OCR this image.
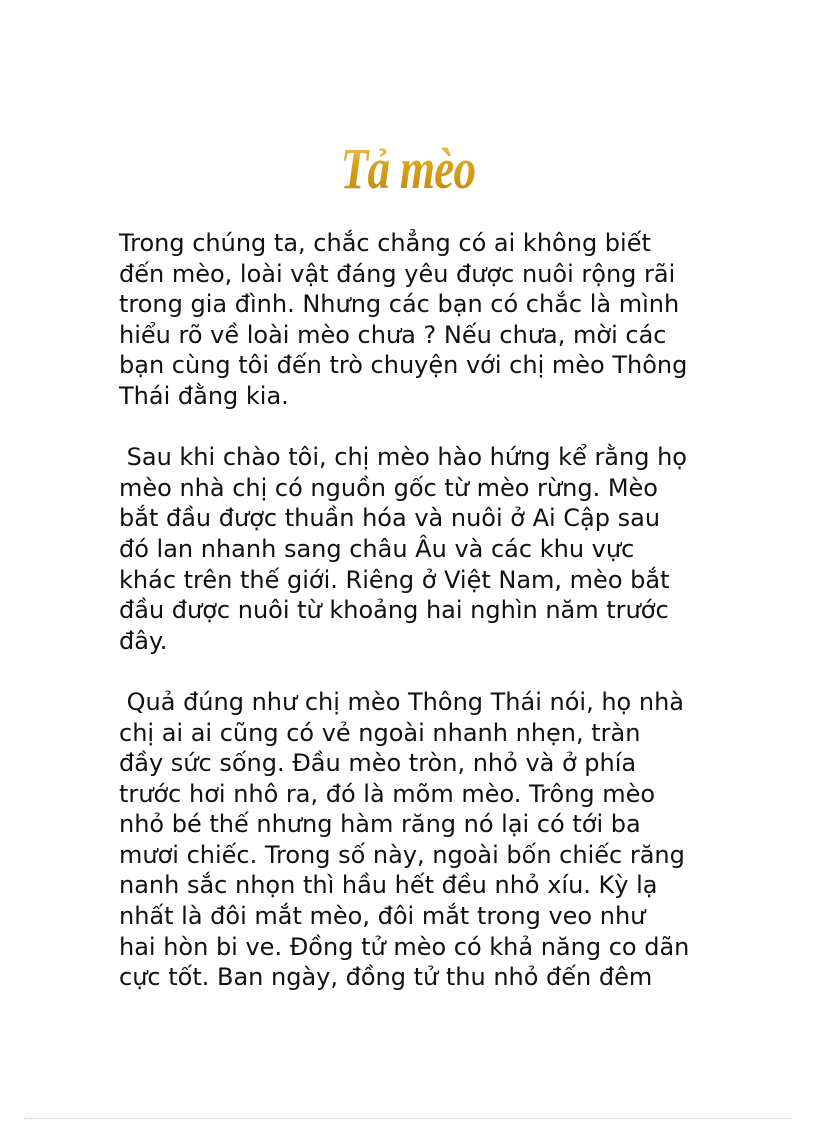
Tả mèo

Trong chúng ta, chắc chẳng có ai không biết
đến mèo, loài vật đáng yêu được nuôi rộng rãi
trong gia đình. Nhưng các bạn có chắc là mình
hiểu rõ về loài mèo chưa ? Nếu chưa, mời các
bạn cùng tôi đến trò chuyện với chị mèo Thông
Thái đằng kia.

Sau khi chào tôi, chị mèo hào hứng kể rằng họ
mèo nhà chị có nguồn gốc từ mèo rừng. Mèo
bắt đầu được thuần hóa và nuôi ở Ai Cập sau
đó lan nhanh sang châu Âu và các khu vực
khác trên thế giới. Riêng ở Việt Nam, mèo bắt
đầu được nuôi từ khoảng hai nghìn năm trước
đây.

Quả đúng như chị mèo Thông Thái nói, họ nhà
chị ai ai cũng có vẻ ngoài nhanh nhẹn, tràn
đầy sức sống. Đầu mèo tròn, nhỏ và ở phía
trước hơi nhô ra, đó là mõm mèo. Trông mèo
nhỏ bé thế nhưng hàm răng nó lại có tới ba
mươi chiếc. Trong số này, ngoài bốn chiếc răng
nanh sắc nhọn thì hầu hết đều nhỏ xíu. Kỳ lạ
nhất là đôi mắt mèo, đôi mắt trong veo như
hai hòn bi ve. Đồng tử mèo có khả năng co dãn
cực tốt. Ban ngày, đồng tử thu nhỏ đến đêm
